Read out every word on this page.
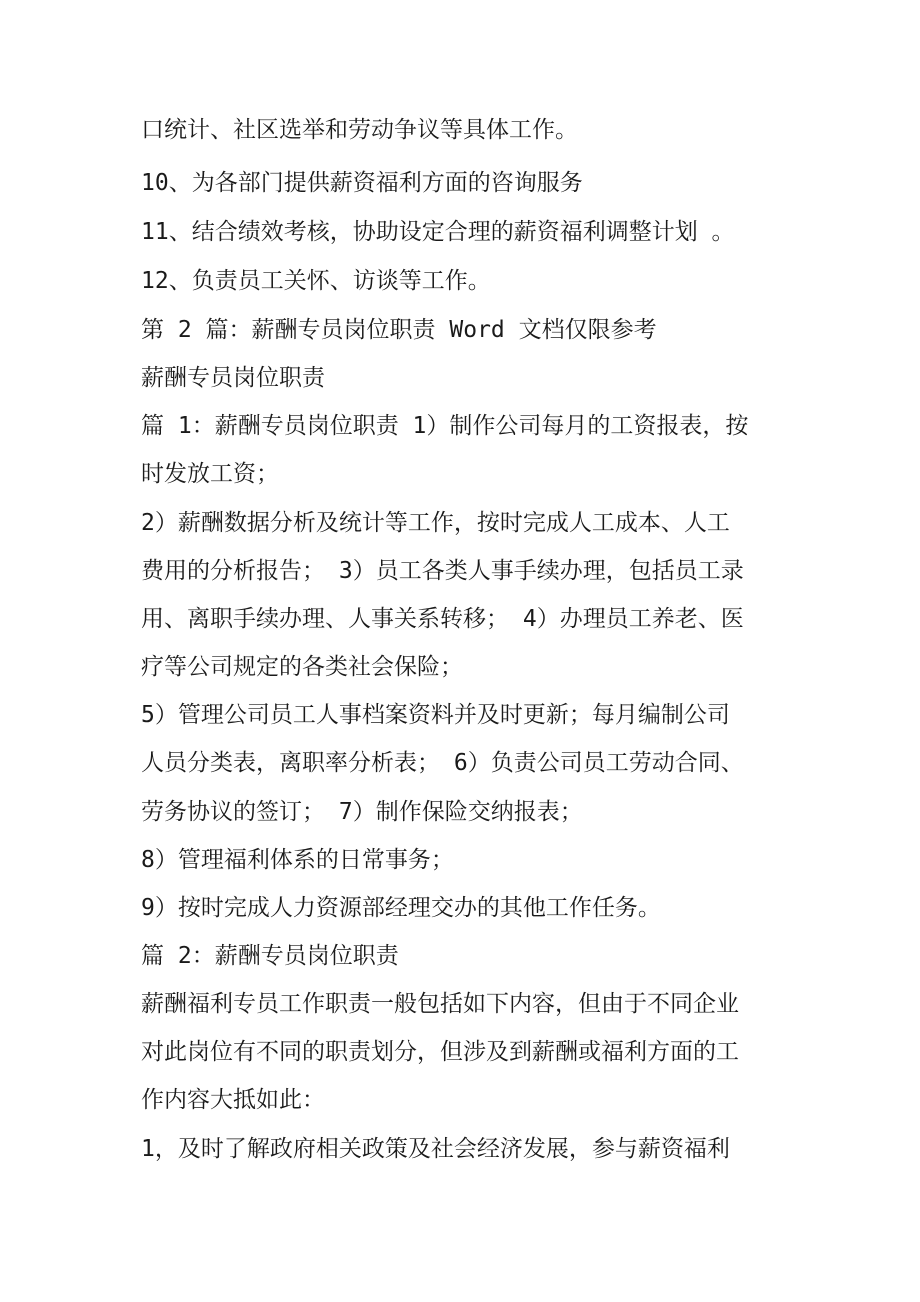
口统计、社区选举和劳动争议等具体工作。
10、为各部门提供薪资福利方面的咨询服务
11、结合绩效考核，协助设定合理的薪资福利调整计划 。
12、负责员工关怀、访谈等工作。
第 2 篇：薪酬专员岗位职责 Word 文档仅限参考
薪酬专员岗位职责
篇 1：薪酬专员岗位职责 1）制作公司每月的工资报表，按
时发放工资；
2）薪酬数据分析及统计等工作，按时完成人工成本、人工
费用的分析报告； 3）员工各类人事手续办理，包括员工录
用、离职手续办理、人事关系转移； 4）办理员工养老、医
疗等公司规定的各类社会保险；
5）管理公司员工人事档案资料并及时更新；每月编制公司
人员分类表，离职率分析表； 6）负责公司员工劳动合同、
劳务协议的签订； 7）制作保险交纳报表；
8）管理福利体系的日常事务；
9）按时完成人力资源部经理交办的其他工作任务。
篇 2：薪酬专员岗位职责
薪酬福利专员工作职责一般包括如下内容，但由于不同企业
对此岗位有不同的职责划分，但涉及到薪酬或福利方面的工
作内容大抵如此：
1，及时了解政府相关政策及社会经济发展，参与薪资福利
